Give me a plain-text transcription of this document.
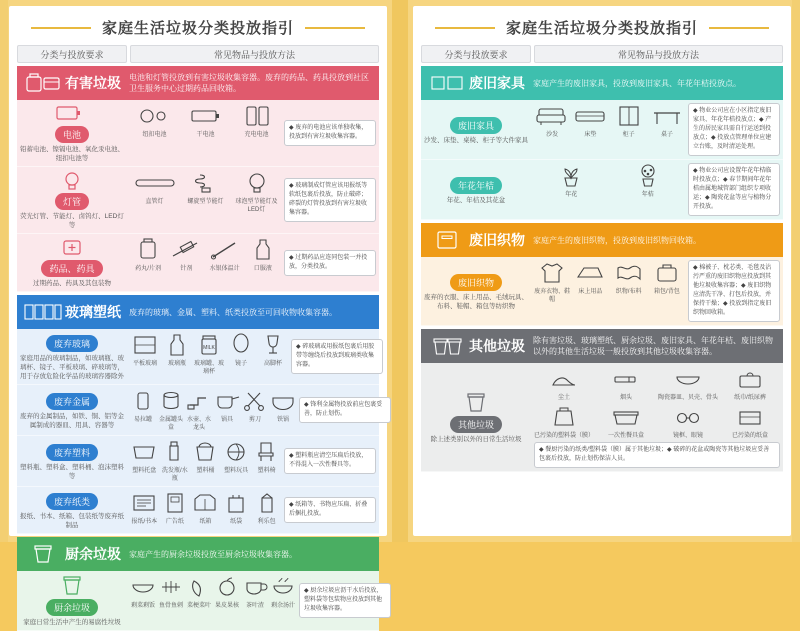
家庭生活垃圾分类投放指引
分类与投放要求	常见物品与投放方法
有害垃圾 电池和灯管投放到有害垃圾收集容器。废弃的药品、药具投放到社区卫生服务中心过期药品回收箱。
电池
铅蓄电池、镍镉电池、氧化汞电池、纽扣电池等
纽扣电池	干电池	充电电池
◆ 废弃的电池应该单独收集，投放到有害垃圾收集容器。
灯管
荧光灯管、节能灯、卤钨灯、LED灯等
直管灯	螺旋型节能灯	球泡型节能灯及LED灯
◆ 玻璃制成灯管应该用报纸等软纸包裹后投放，防止破碎；碎裂的灯管投放到有害垃圾收集容器。
药品、药具
过期药品、药具及其包装物
药丸/片剂	针剂	水银体温计 口服液
◆ 过期药品应连同包装一并投放，分类投放。
玻璃塑纸 废弃的玻璃、金属、塑料、纸类投放至可回收物收集容器。
废弃玻璃
家庭用品的玻璃制品，如玻璃瓶、玻璃杯、镜子、平板玻璃、碎玻璃等，用于存放危险化学品的玻璃容器除外
平板玻璃 玻璃瓶
MILK
玻璃罐、玻璃杯
镜子	高脚杯
◆ 碎玻璃或用报纸包裹后用胶带等缠绕后投放到玻璃类收集容器。
废弃金属
废弃的金属制品，如铁、铜、铝等金属制成的器皿、用具、容器等
易拉罐 金属罐头盒
水壶、水龙头
锅具	剪刀	铁锅
◆ 锋利金属物投放前应包裹妥善，防止划伤。
废弃塑料
塑料瓶、塑料盒、塑料桶、泡沫塑料等
塑料托盘 洗发瓶/水瓶
塑料桶 塑料玩具 塑料椅
◆ 塑料瓶应清空压扁后投放，不得混入一次性餐具等。
废弃纸类
报纸、书本、纸箱、包装纸等废弃纸制品	报纸/书本 广告纸	纸箱	纸袋	利乐包
◆ 纸箱等、书物应压扁、折叠后捆扎投放。
厨余垃圾 家庭产生的厨余垃圾投放至厨余垃圾收集容器。
厨余垃圾
家庭日常生活中产生的易腐性垃圾
剩菜剩饭 鱼骨鱼刺 菜梗菜叶 果皮果核 茶叶渣 剩余汤汁
◆ 厨余垃圾应沥干水后投放，塑料袋等包装物应投放到其他垃圾收集容器。
家庭生活垃圾分类投放指引
分类与投放要求	常见物品与投放方法
废旧家具 家庭产生的废旧家具，投放到废旧家具、年花年桔投放点。
废旧家具
沙发、床垫、桌椅、柜子等大件家具
沙发	床垫	柜子	桌子
◆ 物业公司应在小区指定废旧家具、年花年桔投放点；◆ 产生的居民家具需自行运送到投放点；◆ 投放点管理单位应建立台账，及时清运处理。
年花年桔
年花、年桔及其花盆
年花	年桔
◆ 物业公司应设置年花年桔临时投放点；◆ 春节期间年花年桔由属地城管部门组织专项收运；◆ 陶瓷花盆等应与植物分开投放。
废旧织物 家庭产生的废旧织物，投放到废旧织物回收箱。
废旧织物
废弃的衣服、床上用品、毛绒玩具、布料、鞋帽、箱包等纺织物
废弃衣物、鞋帽
床上用品 织物/布料 箱包/背包
◆ 棉被子、枕芯类、毛毯及沾污严重的废旧织物应投放到其他垃圾收集容器；◆ 废旧织物应清洗干净、打包后投放，并保持干燥；◆ 投放到指定废旧织物回收箱。
其他垃圾 除有害垃圾、玻璃塑纸、厨余垃圾、废旧家具、年花年桔、废旧织物以外的其他生活垃圾一般投放到其他垃圾收集容器。
其他垃圾
除上述类别以外的日常生活垃圾
尘土	烟头	陶瓷器皿、贝壳、骨头	纸巾/纸尿裤
已污染的塑料袋（膜） 一次性餐具盒	镜框、眼镜	已污染的纸盒
◆ 餐厨污染的纸类/塑料袋（膜）属于其他垃圾；◆ 破碎的花盆或陶瓷等其他垃圾应妥善包裹后投放，防止划伤保洁人员。
